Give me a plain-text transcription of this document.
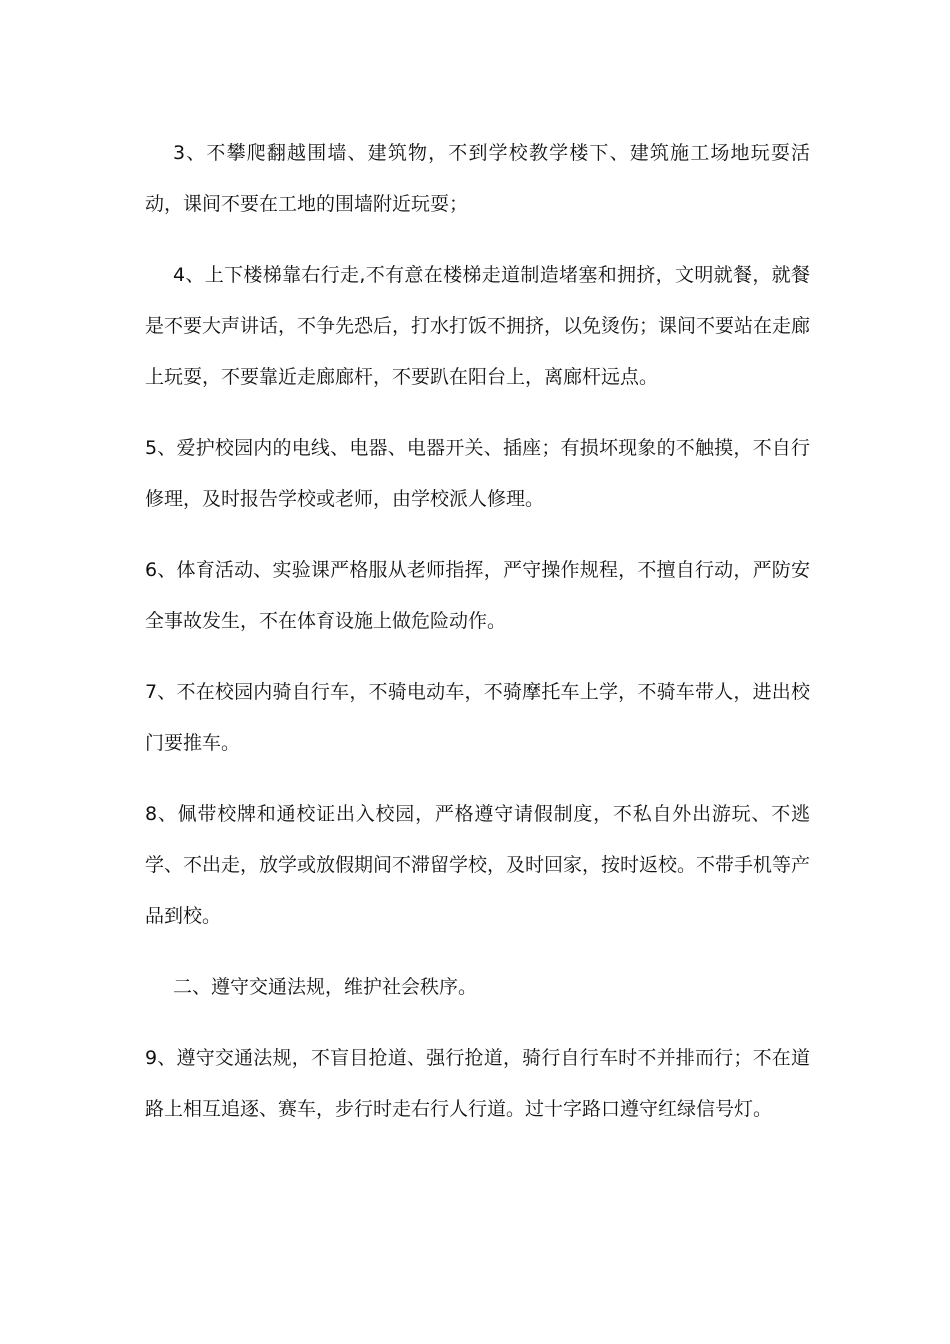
3、不攀爬翻越围墙、建筑物，不到学校教学楼下、建筑施工场地玩耍活动，课间不要在工地的围墙附近玩耍；

4、上下楼梯靠右行走,不有意在楼梯走道制造堵塞和拥挤，文明就餐，就餐是不要大声讲话，不争先恐后，打水打饭不拥挤，以免烫伤；课间不要站在走廊上玩耍，不要靠近走廊廊杆，不要趴在阳台上，离廊杆远点。

5、爱护校园内的电线、电器、电器开关、插座；有损坏现象的不触摸，不自行修理，及时报告学校或老师，由学校派人修理。

6、体育活动、实验课严格服从老师指挥，严守操作规程，不擅自行动，严防安全事故发生，不在体育设施上做危险动作。

7、不在校园内骑自行车，不骑电动车，不骑摩托车上学，不骑车带人，进出校门要推车。

8、佩带校牌和通校证出入校园，严格遵守请假制度，不私自外出游玩、不逃学、不出走，放学或放假期间不滞留学校，及时回家，按时返校。不带手机等产品到校。

二、遵守交通法规，维护社会秩序。

9、遵守交通法规，不盲目抢道、强行抢道，骑行自行车时不并排而行；不在道路上相互追逐、赛车，步行时走右行人行道。过十字路口遵守红绿信号灯。
